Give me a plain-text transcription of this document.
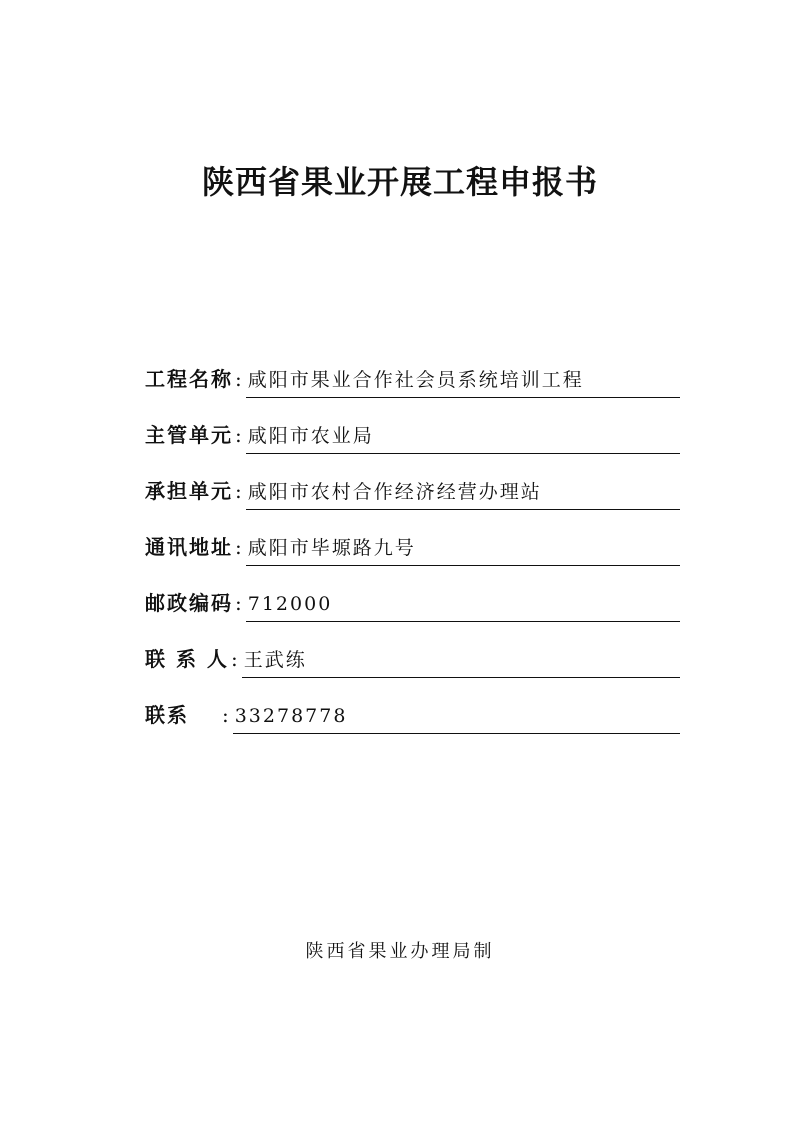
陕西省果业开展工程申报书
工程名称 : 咸阳市果业合作社会员系统培训工程
主管单元 : 咸阳市农业局
承担单元 : 咸阳市农村合作经济经营办理站
通讯地址 : 咸阳市毕塬路九号
邮政编码 : 712000
联 系 人 : 王武练
联系　 : 33278778
陕西省果业办理局制
